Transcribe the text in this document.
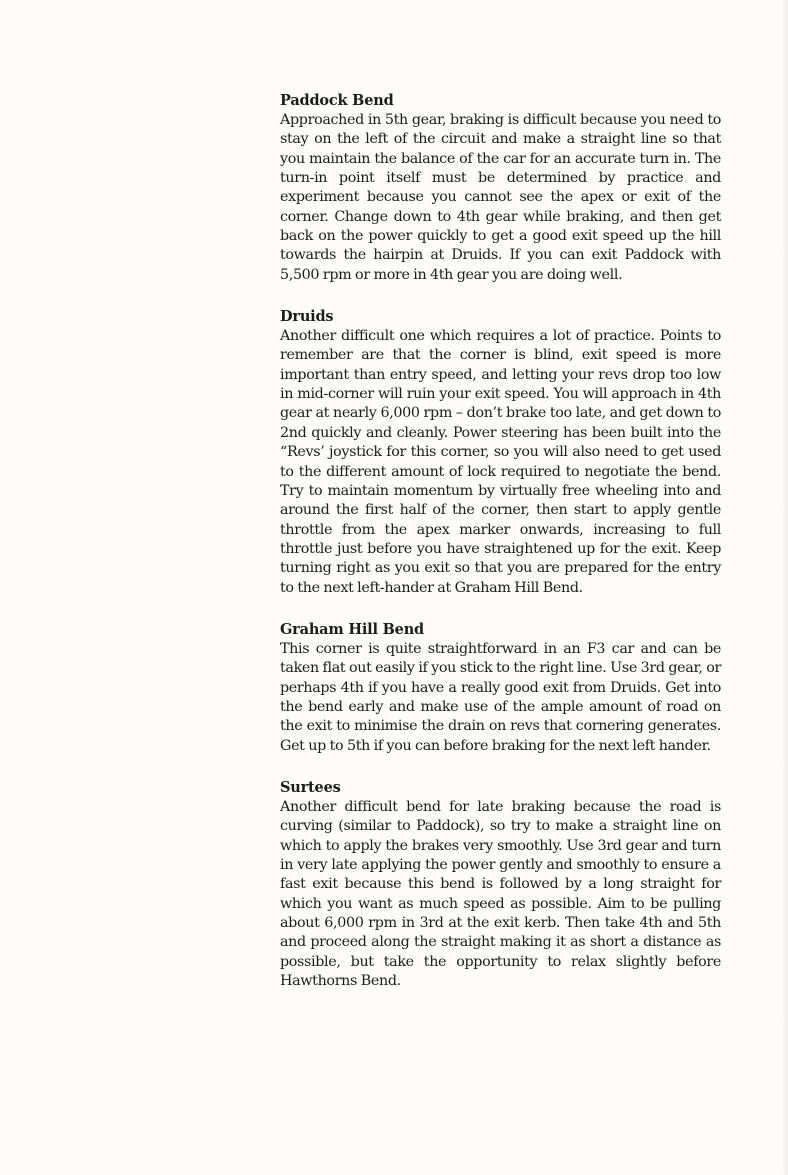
Paddock Bend

Approached in 5th gear, braking is difficult because you need to stay on the left of the circuit and make a straight line so that you maintain the balance of the car for an accurate turn in. The turn-in point itself must be determined by practice and experiment because you cannot see the apex or exit of the corner. Change down to 4th gear while braking, and then get back on the power quickly to get a good exit speed up the hill towards the hairpin at Druids. If you can exit Paddock with 5,500 rpm or more in 4th gear you are doing well.

Druids

Another difficult one which requires a lot of practice. Points to remember are that the corner is blind, exit speed is more important than entry speed, and letting your revs drop too low in mid-corner will ruin your exit speed. You will approach in 4th gear at nearly 6,000 rpm – don’t brake too late, and get down to 2nd quickly and cleanly. Power steering has been built into the “Revs’ joystick for this corner, so you will also need to get used to the different amount of lock required to negotiate the bend. Try to maintain momentum by virtually free wheeling into and around the first half of the corner, then start to apply gentle throttle from the apex marker onwards, increasing to full throttle just before you have straightened up for the exit. Keep turning right as you exit so that you are prepared for the entry to the next left-hander at Graham Hill Bend.

Graham Hill Bend

This corner is quite straightforward in an F3 car and can be taken flat out easily if you stick to the right line. Use 3rd gear, or perhaps 4th if you have a really good exit from Druids. Get into the bend early and make use of the ample amount of road on the exit to minimise the drain on revs that cornering generates. Get up to 5th if you can before braking for the next left hander.

Surtees

Another difficult bend for late braking because the road is curving (similar to Paddock), so try to make a straight line on which to apply the brakes very smoothly. Use 3rd gear and turn in very late applying the power gently and smoothly to ensure a fast exit because this bend is followed by a long straight for which you want as much speed as possible. Aim to be pulling about 6,000 rpm in 3rd at the exit kerb. Then take 4th and 5th and proceed along the straight making it as short a distance as possible, but take the opportunity to relax slightly before Hawthorns Bend.
